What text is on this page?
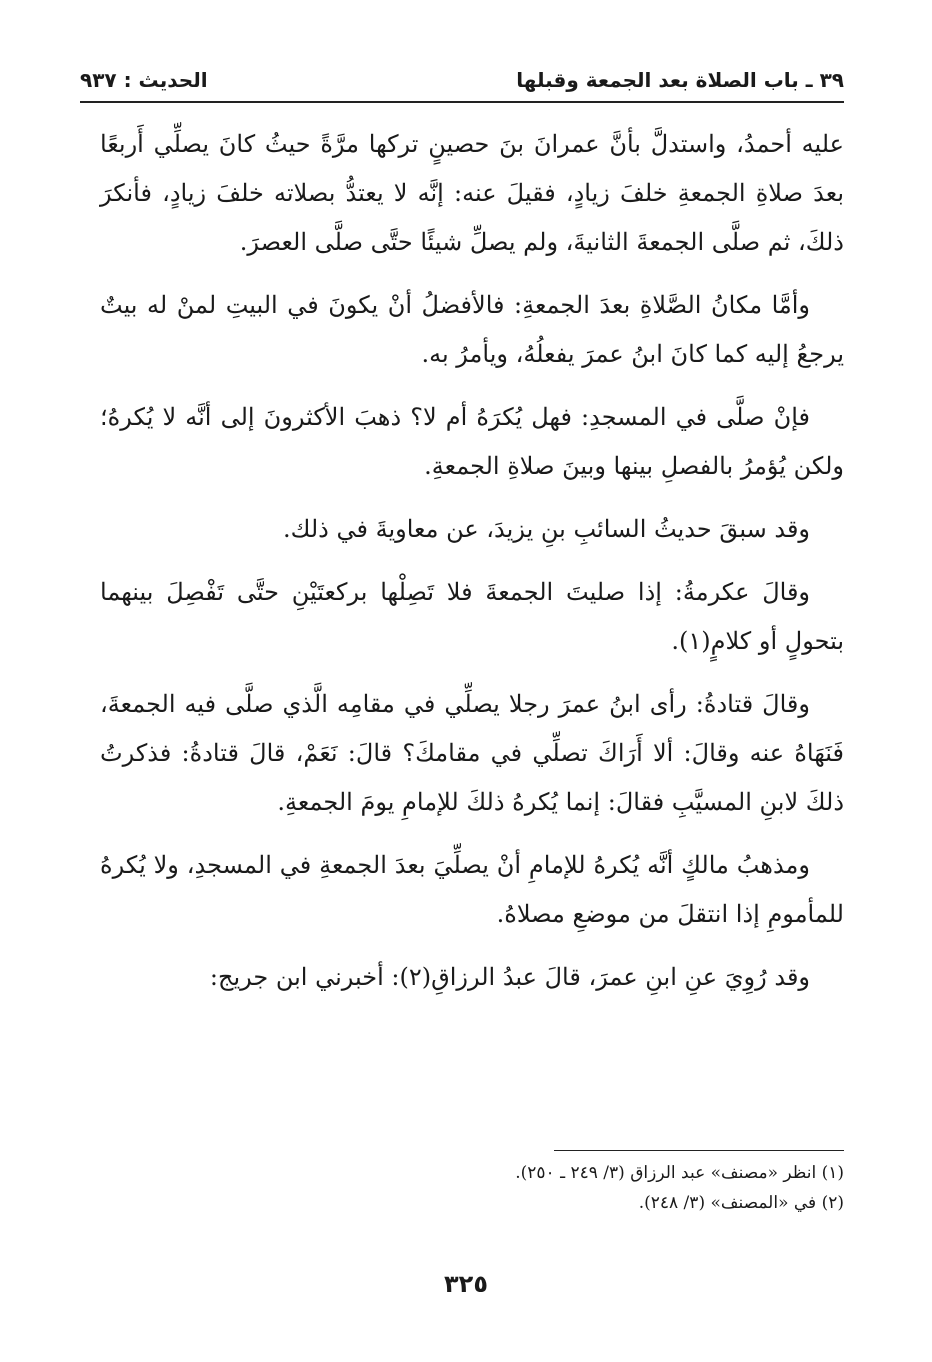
٣٩ ـ باب الصلاة بعد الجمعة وقبلها
الحديث : ٩٣٧

عليه أحمدُ، واستدلَّ بأنَّ عمرانَ بنَ حصينٍ تركها مرَّةً حيثُ كانَ يصلِّي أَربعًا بعدَ صلاةِ الجمعةِ خلفَ زيادٍ، فقيلَ عنه: إنَّه لا يعتدُّ بصلاته خلفَ زيادٍ، فأنكرَ ذلكَ، ثم صلَّى الجمعةَ الثانيةَ، ولم يصلِّ شيئًا حتَّى صلَّى العصرَ.

وأمَّا مكانُ الصَّلاةِ بعدَ الجمعةِ: فالأفضلُ أنْ يكونَ في البيتِ لمنْ له بيتٌ يرجعُ إليه كما كانَ ابنُ عمرَ يفعلُهُ، ويأمرُ به.

فإنْ صلَّى في المسجدِ: فهل يُكرَهُ أم لا؟ ذهبَ الأكثرونَ إلى أنَّه لا يُكرهُ؛ ولكن يُؤمرُ بالفصلِ بينها وبينَ صلاةِ الجمعةِ.

وقد سبقَ حديثُ السائبِ بنِ يزيدَ، عن معاويةَ في ذلك.

وقالَ عكرمةُ: إذا صليتَ الجمعةَ فلا تَصِلْها بركعتَيْنِ حتَّى تَفْصِلَ بينهما بتحولٍ أو كلامٍ(١).

وقالَ قتادةُ: رأى ابنُ عمرَ رجلا يصلِّي في مقامِه الَّذي صلَّى فيه الجمعةَ، فَنَهَاهُ عنه وقالَ: ألا أَرَاكَ تصلِّي في مقامكَ؟ قالَ: نَعَمْ، قالَ قتادةُ: فذكرتُ ذلكَ لابنِ المسيَّبِ فقالَ: إنما يُكرهُ ذلكَ للإمامِ يومَ الجمعةِ.

ومذهبُ مالكٍ أنَّه يُكرهُ للإمامِ أنْ يصلِّيَ بعدَ الجمعةِ في المسجدِ، ولا يُكرهُ للمأمومِ إذا انتقلَ من موضعِ مصلاهُ.

وقد رُوِيَ عنِ ابنِ عمرَ، قالَ عبدُ الرزاقِ(٢): أخبرني ابن جريج:

(١) انظر «مصنف» عبد الرزاق (٣/ ٢٤٩ ـ ٢٥٠).

(٢) في «المصنف» (٣/ ٢٤٨).

٣٢٥
